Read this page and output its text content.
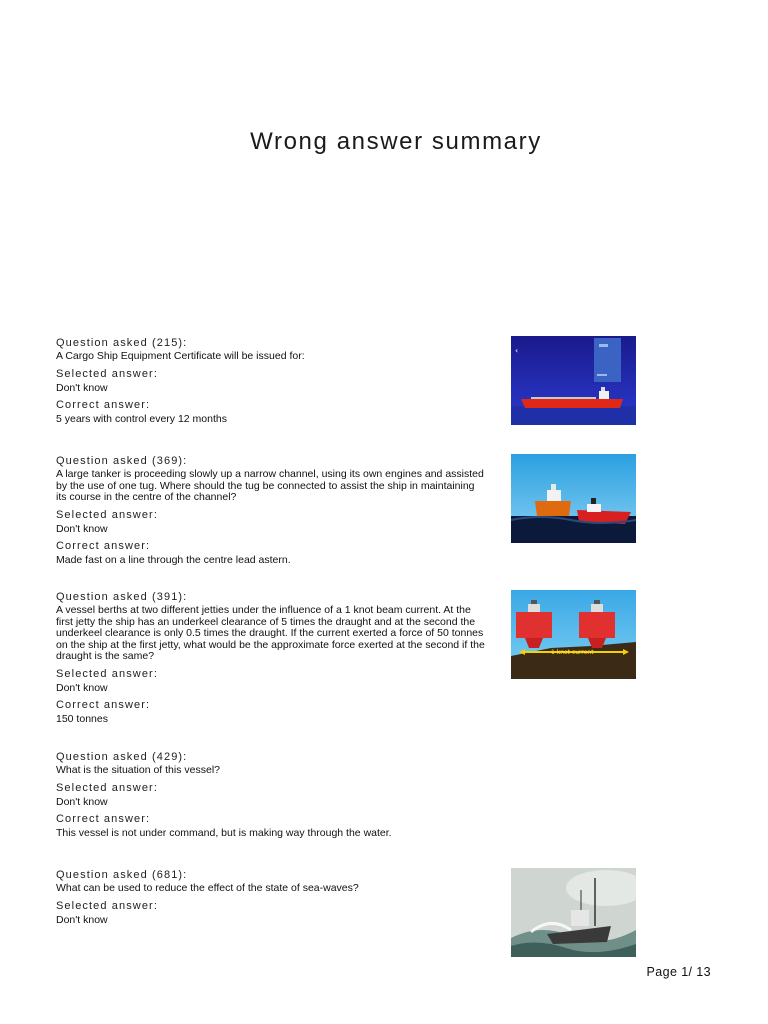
Wrong answer summary
Question asked (215):
A Cargo Ship Equipment Certificate will be issued for:
Selected answer:
Don't know
Correct answer:
5 years with control every 12 months
‹
Question asked (369):
A large tanker is proceeding slowly up a narrow channel, using its own engines and assisted by the use of one tug. Where should the tug be connected to assist the ship in maintaining its course in the centre of the channel?
Selected answer:
Don't know
Correct answer:
Made fast on a line through the centre lead astern.
Question asked (391):
A vessel berths at two different jetties under the influence of a 1 knot beam current. At the first jetty the ship has an underkeel clearance of 5 times the draught and at the second the underkeel clearance is only 0.5 times the draught. If the current exerted a force of 50 tonnes on the ship at the first jetty, what would be the approximate force exerted at the second if the draught is the same?
Selected answer:
Don't know
Correct answer:
150 tonnes
1 knot current
Question asked (429):
What is the situation of this vessel?
Selected answer:
Don't know
Correct answer:
This vessel is not under command, but is making way through the water.
Question asked (681):
What can be used to reduce the effect of the state of sea-waves?
Selected answer:
Don't know
Page 1/ 13
